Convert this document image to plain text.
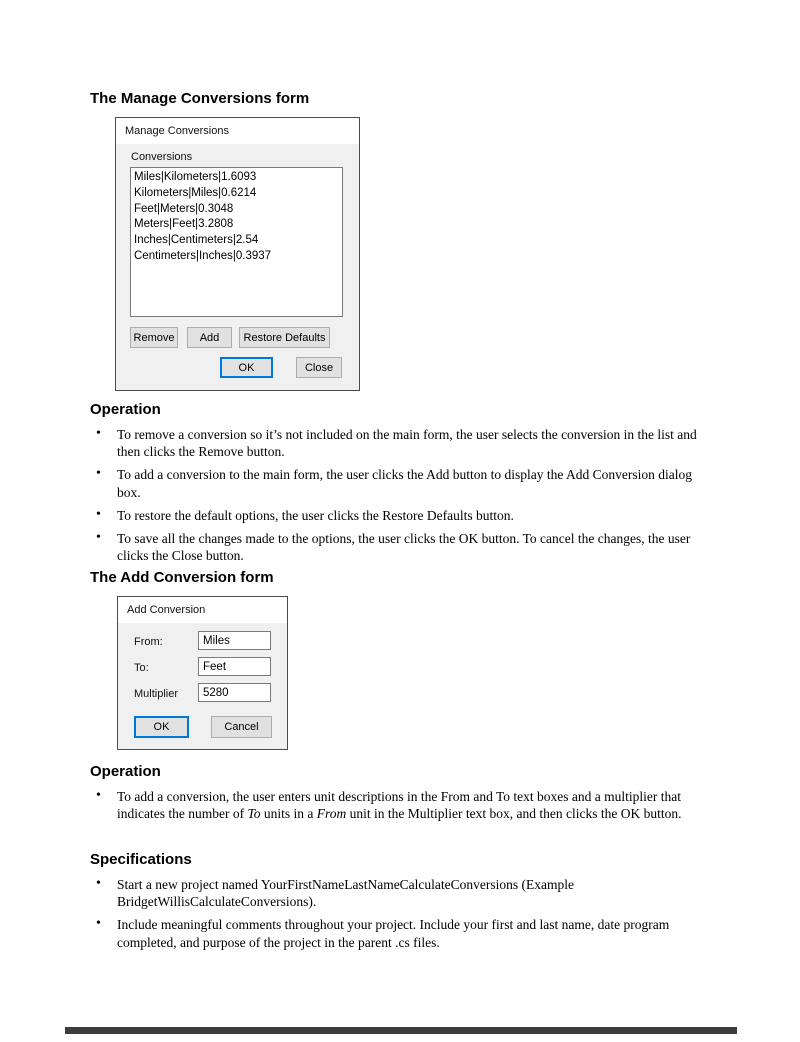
The Manage Conversions form
Manage Conversions
Conversions
Miles|Kilometers|1.6093
Kilometers|Miles|0.6214
Feet|Meters|0.3048
Meters|Feet|3.2808
Inches|Centimeters|2.54
Centimeters|Inches|0.3937
Remove	Add	Restore Defaults
OK	Close
Operation
• To remove a conversion so it’s not included on the main form, the user selects the conversion in the list and then clicks the Remove button.
• To add a conversion to the main form, the user clicks the Add button to display the Add Conversion dialog box.
• To restore the default options, the user clicks the Restore Defaults button.
• To save all the changes made to the options, the user clicks the OK button. To cancel the changes, the user clicks the Close button.
The Add Conversion form
Add Conversion
From:
Miles
To:
Feet
Multiplier
5280
OK	Cancel
Operation
• To add a conversion, the user enters unit descriptions in the From and To text boxes and a multiplier that indicates the number of To units in a From unit in the Multiplier text box, and then clicks the OK button.
Specifications
• Start a new project named YourFirstNameLastNameCalculateConversions (Example BridgetWillisCalculateConversions).
• Include meaningful comments throughout your project. Include your first and last name, date program completed, and purpose of the project in the parent .cs files.
